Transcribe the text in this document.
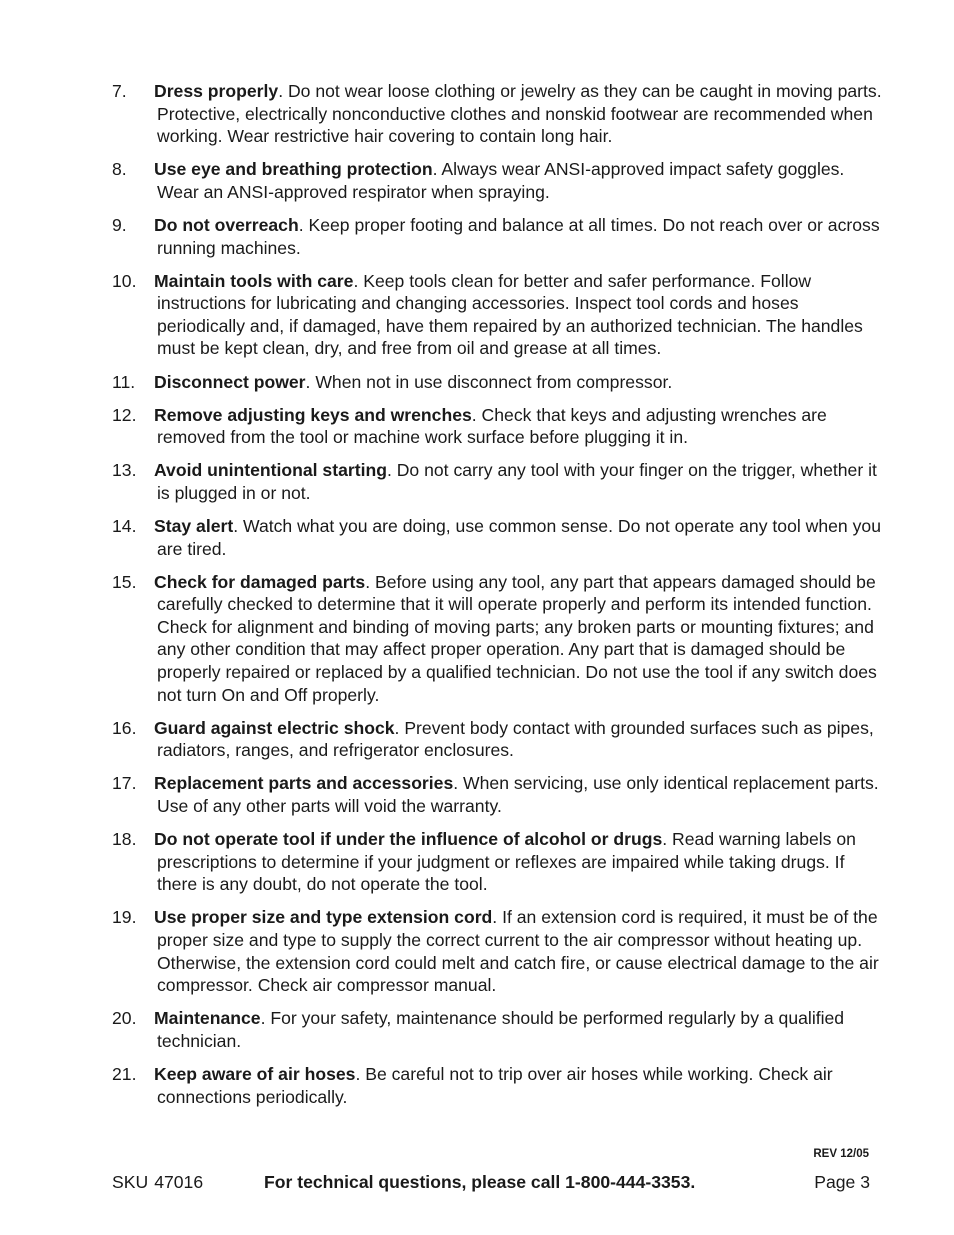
7.	Dress properly. Do not wear loose clothing or jewelry as they can be caught in moving parts. Protective, electrically nonconductive clothes and nonskid footwear are recommended when working. Wear restrictive hair covering to contain long hair.
8.	Use eye and breathing protection. Always wear ANSI-approved impact safety goggles. Wear an ANSI-approved respirator when spraying.
9.	Do not overreach. Keep proper footing and balance at all times. Do not reach over or across running machines.
10. Maintain tools with care. Keep tools clean for better and safer performance. Follow instructions for lubricating and changing accessories. Inspect tool cords and hoses periodically and, if damaged, have them repaired by an authorized technician. The handles must be kept clean, dry, and free from oil and grease at all times.
11.	Disconnect power. When not in use disconnect from compressor.
12. Remove adjusting keys and wrenches. Check that keys and adjusting wrenches are removed from the tool or machine work surface before plugging it in.
13. Avoid unintentional starting. Do not carry any tool with your finger on the trigger, whether it is plugged in or not.
14. Stay alert. Watch what you are doing, use common sense. Do not operate any tool when you are tired.
15. Check for damaged parts. Before using any tool, any part that appears damaged should be carefully checked to determine that it will operate properly and perform its intended function. Check for alignment and binding of moving parts; any broken parts or mounting fixtures; and any other condition that may affect proper operation. Any part that is damaged should be properly repaired or replaced by a qualified technician. Do not use the tool if any switch does not turn On and Off properly.
16. Guard against electric shock. Prevent body contact with grounded surfaces such as pipes, radiators, ranges, and refrigerator enclosures.
17. Replacement parts and accessories. When servicing, use only identical replacement parts. Use of any other parts will void the warranty.
18. Do not operate tool if under the influence of alcohol or drugs. Read warning labels on prescriptions to determine if your judgment or reflexes are impaired while taking drugs. If there is any doubt, do not operate the tool.
19. Use proper size and type extension cord. If an extension cord is required, it must be of the proper size and type to supply the correct current to the air compressor without heating up. Otherwise, the extension cord could melt and catch fire, or cause electrical damage to the air compressor. Check air compressor manual.
20. Maintenance. For your safety, maintenance should be performed regularly by a qualified technician.
21. Keep aware of air hoses. Be careful not to trip over air hoses while working. Check air connections periodically.
REV 12/05
SKU 47016	For technical questions, please call 1-800-444-3353.	Page 3
